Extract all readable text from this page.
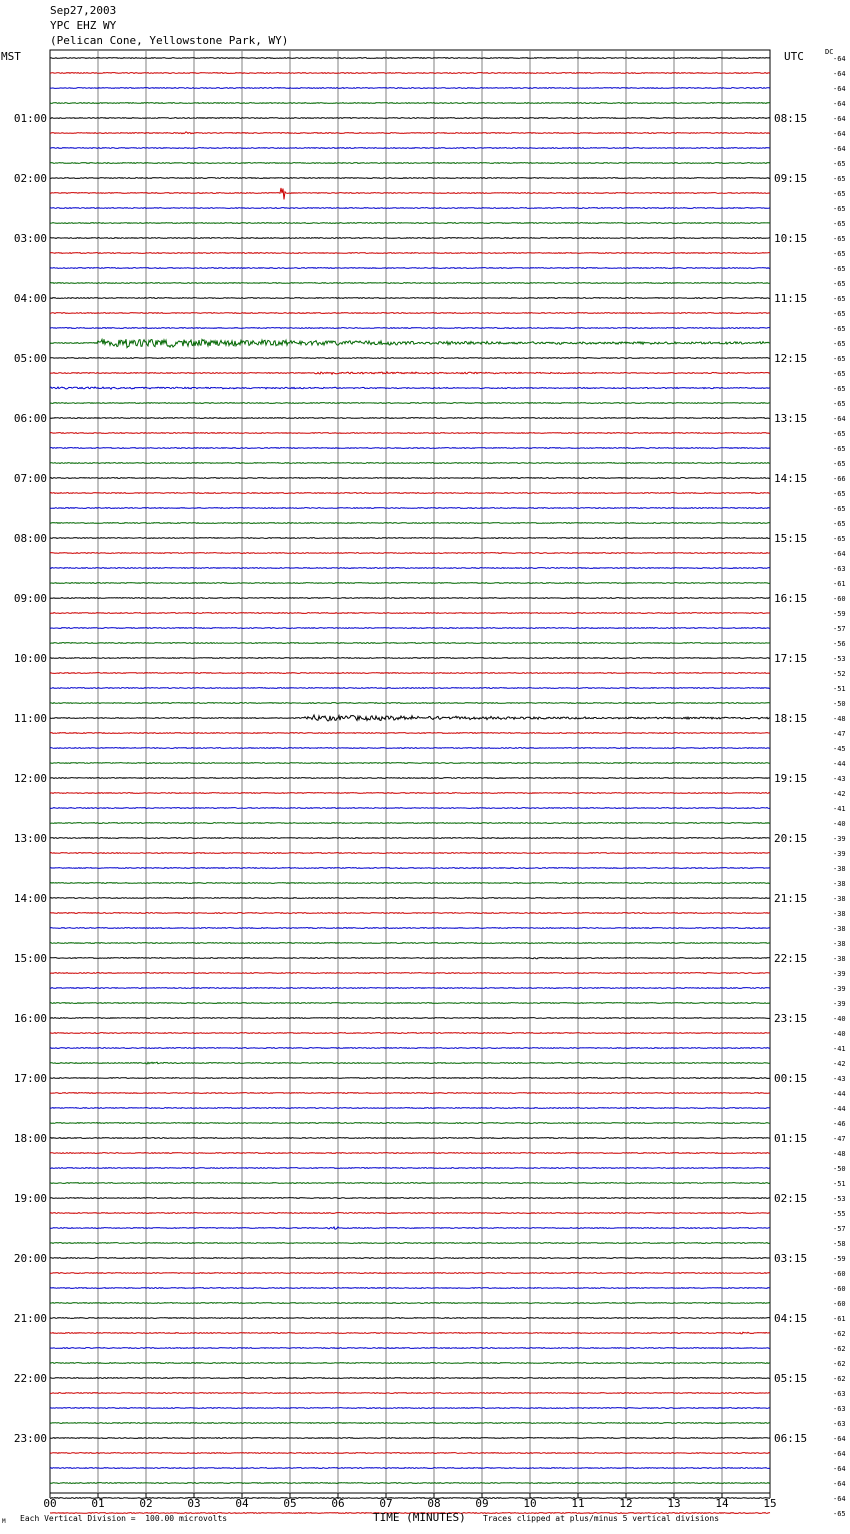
Sep27,2003
YPC EHZ WY
(Pelican Cone, Yellowstone Park, WY)
MST	UTC	DC
00	01	02	03	04	05	06	07	08	09	10	11	12	13	14	15
-64
-64
-64
-64
-64
01:00	08:15
-64
-64
-65
-65
02:00	09:15
-65
-65
-65
-65
03:00	10:15
-65
-65
-65
-65
04:00	11:15
-65
-65
-65
-65
05:00	12:15
-65
-65
-65
-64
06:00	13:15
-65
-65
-65
-66
07:00	14:15
-65
-65
-65
-65
08:00	15:15
-64
-63
-61
-60
09:00	16:15
-59
-57
-56
-53
10:00	17:15
-52
-51
-50
-48
11:00	18:15
-47
-45
-44
-43
12:00	19:15
-42
-41
-40
-39
13:00	20:15
-39
-38
-38
-38
14:00	21:15
-38
-38
-38
-38
15:00	22:15
-39
-39
-39
-40
16:00	23:15
-40
-41
-42
-43
17:00	00:15
-44
-44
-46
-47
18:00	01:15
-48
-50
-51
-53
19:00	02:15
-55
-57
-58
-59
20:00	03:15
-60
-60
-60
-61
21:00	04:15
-62
-62
-62
-62
22:00	05:15
-63
-63
-63
-64
23:00	06:15
-64
-64
-64
-64
-65
TIME (MINUTES)
Each Vertical Division =  100.00 microvolts	Traces clipped at plus/minus 5 vertical divisions
M
